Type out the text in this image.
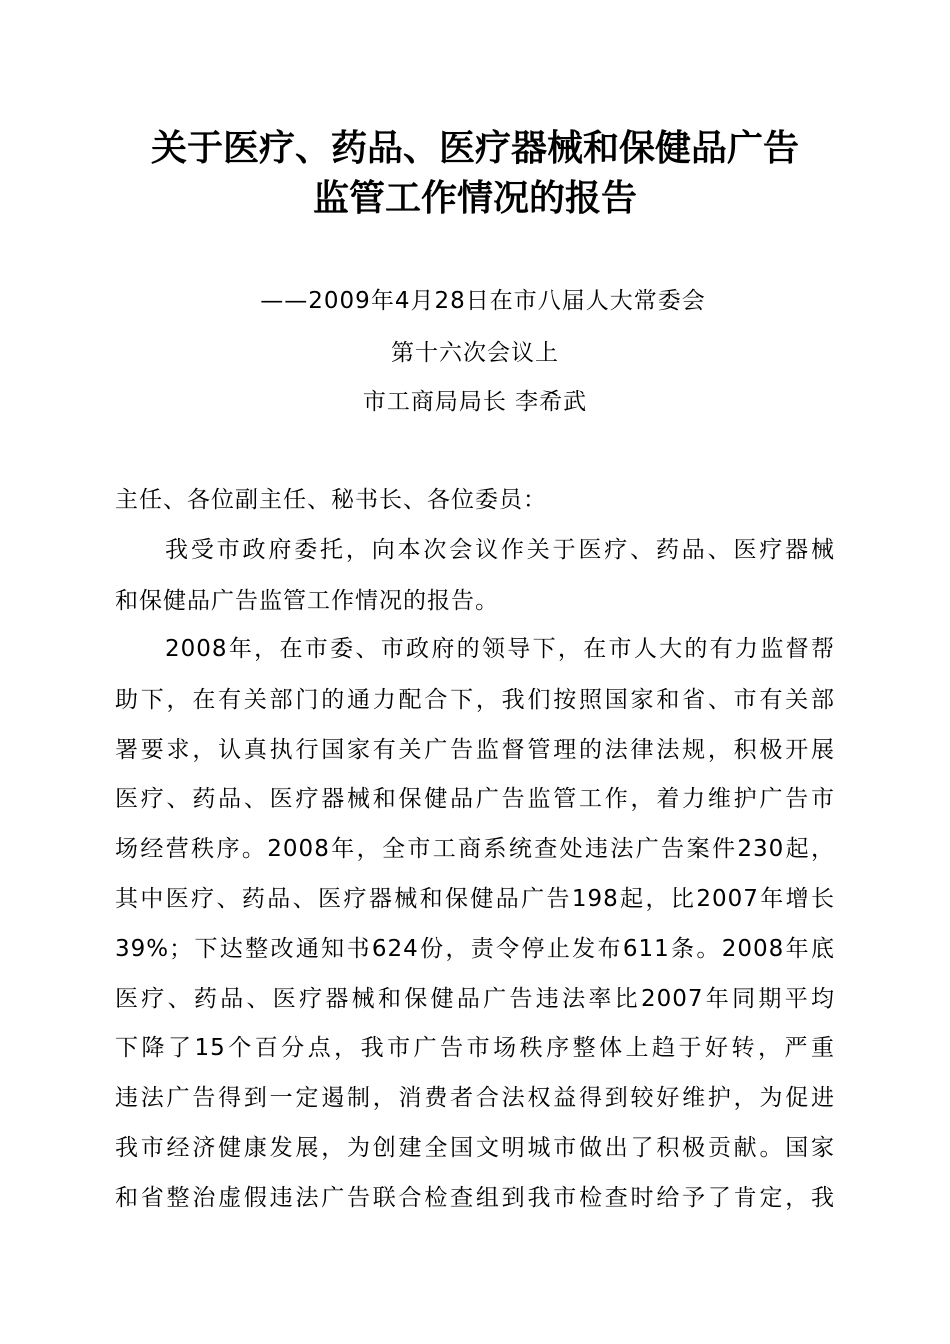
关于医疗、药品、医疗器械和保健品广告
监管工作情况的报告
——2009年4月28日在市八届人大常委会
第十六次会议上
市工商局局长 李希武
主任、各位副主任、秘书长、各位委员：
我受市政府委托，向本次会议作关于医疗、药品、医疗器械
和保健品广告监管工作情况的报告。
2008年，在市委、市政府的领导下，在市人大的有力监督帮
助下，在有关部门的通力配合下，我们按照国家和省、市有关部
署要求，认真执行国家有关广告监督管理的法律法规，积极开展
医疗、药品、医疗器械和保健品广告监管工作，着力维护广告市
场经营秩序。2008年，全市工商系统查处违法广告案件230起，
其中医疗、药品、医疗器械和保健品广告198起，比2007年增长
39%；下达整改通知书624份，责令停止发布611条。2008年底
医疗、药品、医疗器械和保健品广告违法率比2007年同期平均
下降了15个百分点，我市广告市场秩序整体上趋于好转，严重
违法广告得到一定遏制，消费者合法权益得到较好维护，为促进
我市经济健康发展，为创建全国文明城市做出了积极贡献。国家
和省整治虚假违法广告联合检查组到我市检查时给予了肯定，我
